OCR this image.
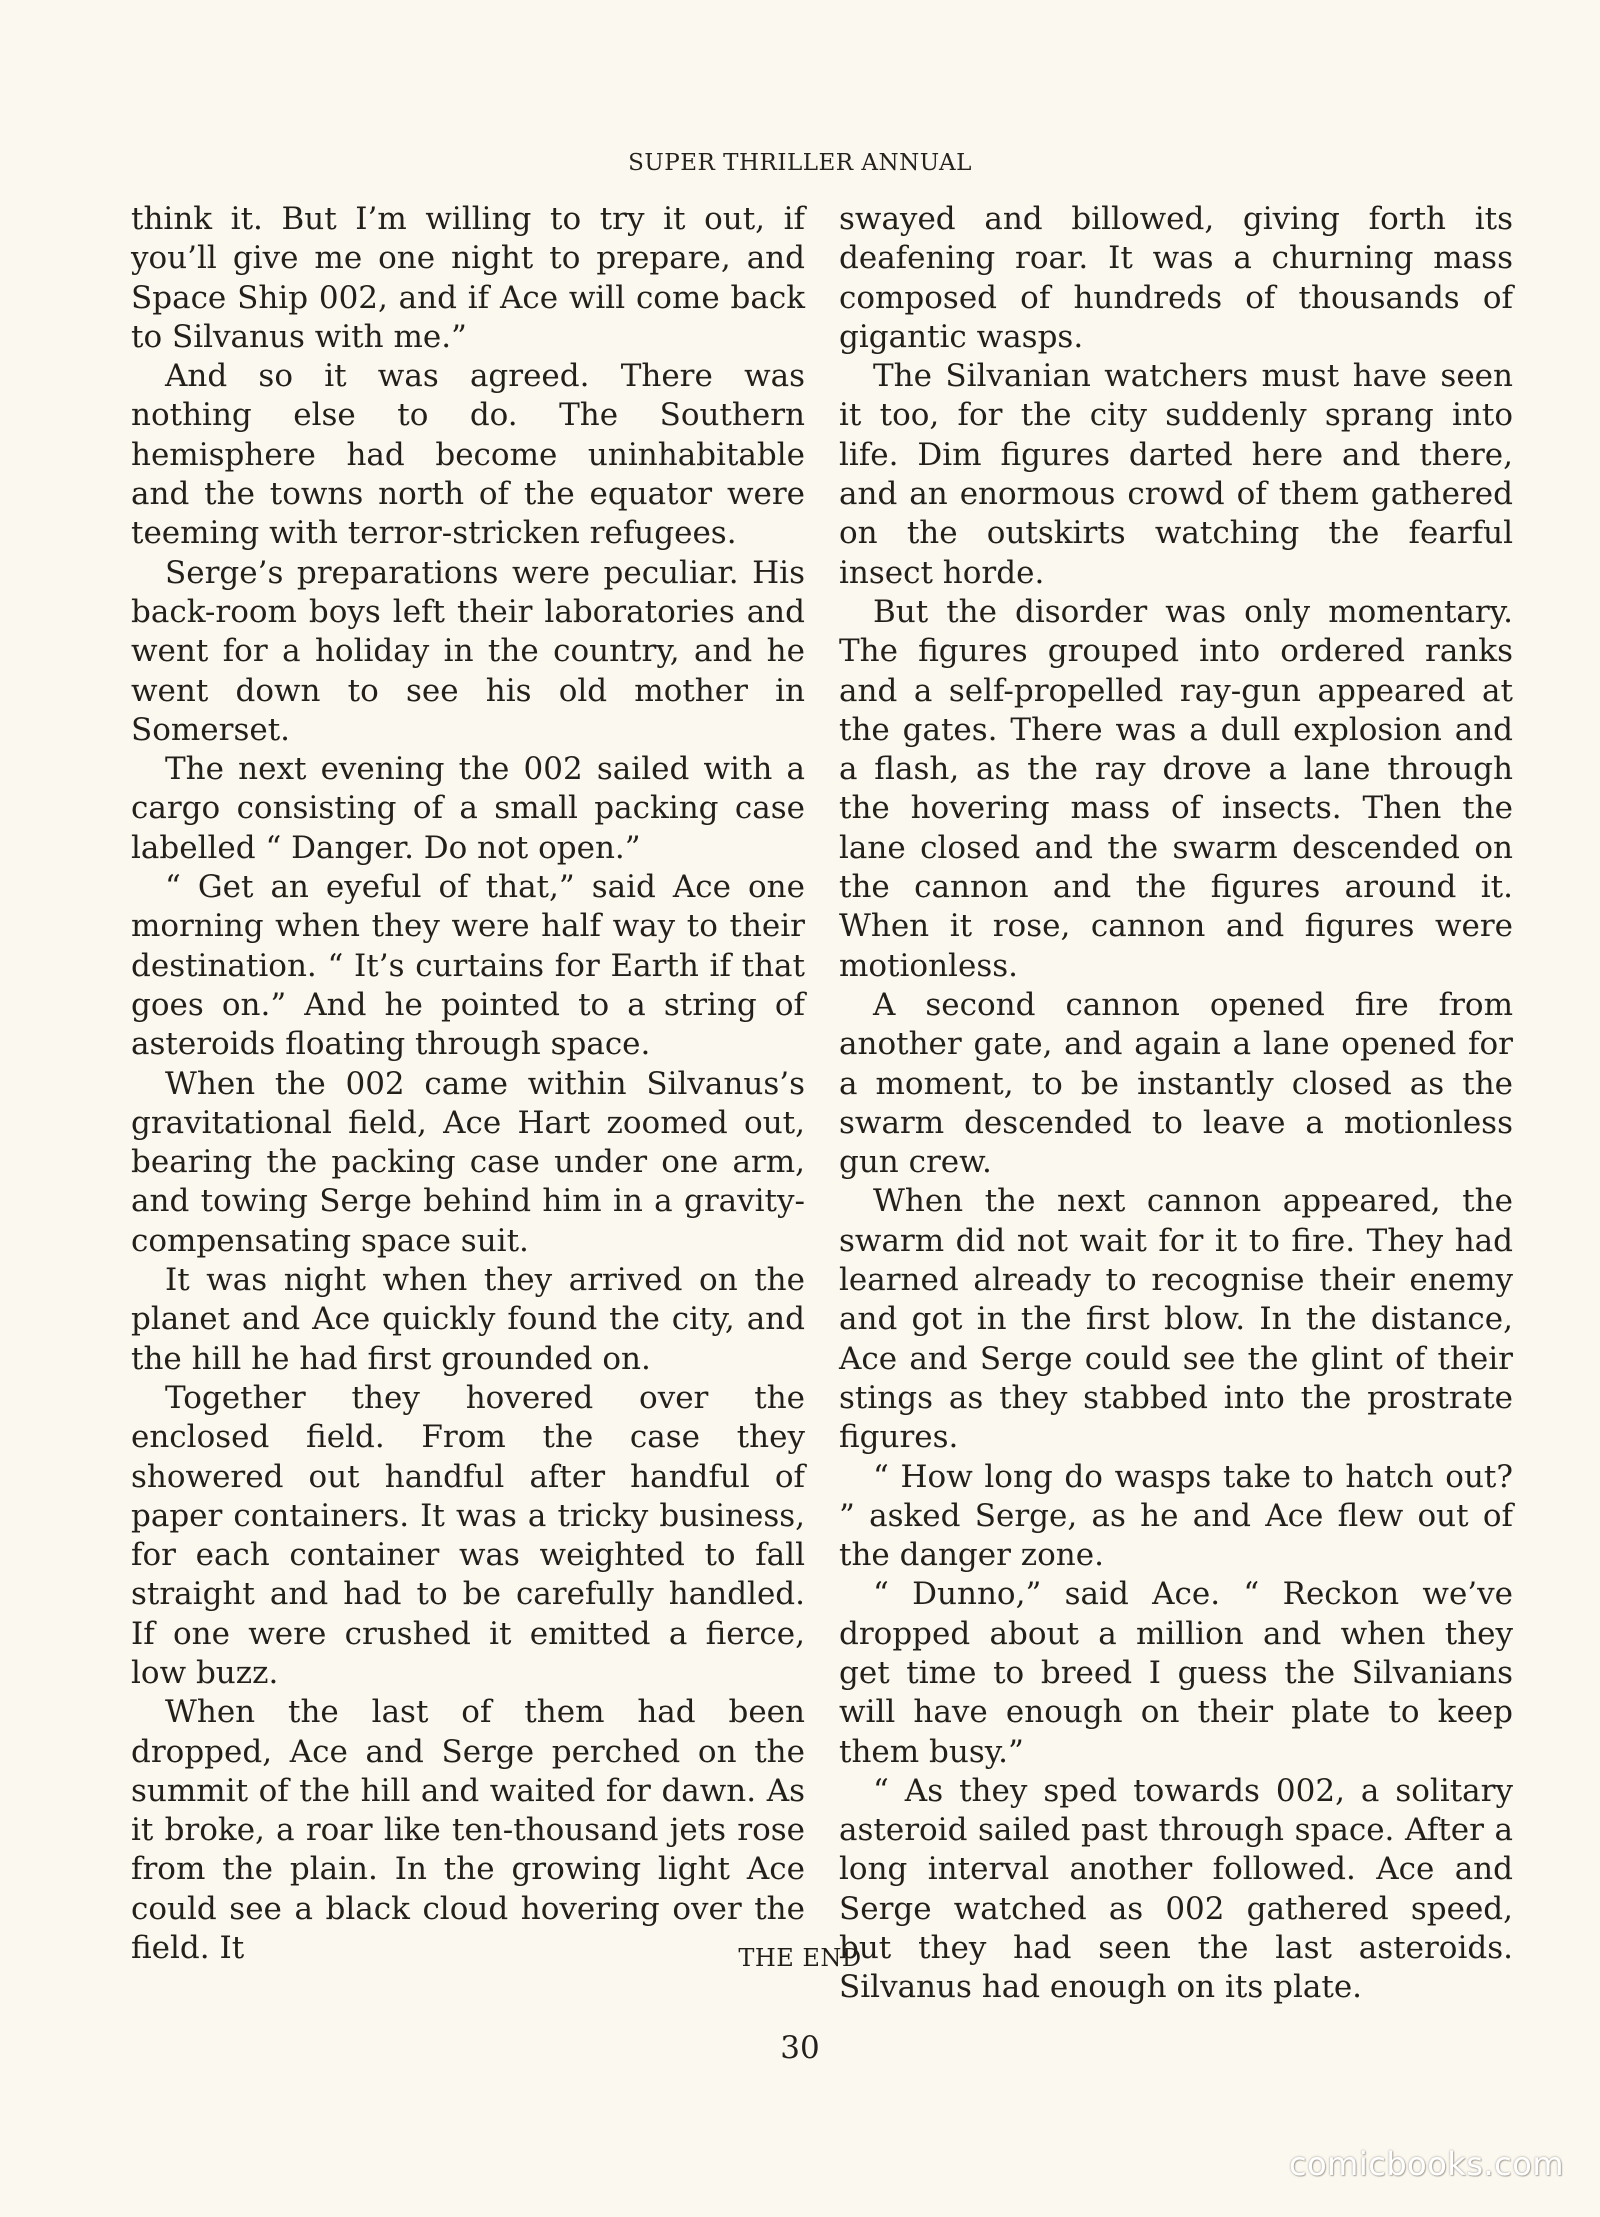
SUPER THRILLER ANNUAL

think it. But I’m willing to try it out, if you’ll give me one night to prepare, and Space Ship 002, and if Ace will come back to Silvanus with me.”

And so it was agreed. There was nothing else to do. The Southern hemisphere had become uninhabitable and the towns north of the equator were teeming with terror-stricken refugees.

Serge’s preparations were peculiar. His back-room boys left their laboratories and went for a holiday in the country, and he went down to see his old mother in Somerset.

The next evening the 002 sailed with a cargo consisting of a small packing case labelled “ Danger. Do not open.”

“ Get an eyeful of that,” said Ace one morning when they were half way to their destination. “ It’s curtains for Earth if that goes on.” And he pointed to a string of asteroids floating through space.

When the 002 came within Silvanus’s gravitational field, Ace Hart zoomed out, bearing the packing case under one arm, and towing Serge behind him in a gravity-compensating space suit.

It was night when they arrived on the planet and Ace quickly found the city, and the hill he had first grounded on.

Together they hovered over the enclosed field. From the case they showered out handful after handful of paper containers. It was a tricky business, for each container was weighted to fall straight and had to be carefully handled. If one were crushed it emitted a fierce, low buzz.

When the last of them had been dropped, Ace and Serge perched on the summit of the hill and waited for dawn. As it broke, a roar like ten-thousand jets rose from the plain. In the growing light Ace could see a black cloud hovering over the field. It

swayed and billowed, giving forth its deafening roar. It was a churning mass composed of hundreds of thousands of gigantic wasps.

The Silvanian watchers must have seen it too, for the city suddenly sprang into life. Dim figures darted here and there, and an enormous crowd of them gathered on the outskirts watching the fearful insect horde.

But the disorder was only momentary. The figures grouped into ordered ranks and a self-propelled ray-gun appeared at the gates. There was a dull explosion and a flash, as the ray drove a lane through the hovering mass of insects. Then the lane closed and the swarm descended on the cannon and the figures around it. When it rose, cannon and figures were motionless.

A second cannon opened fire from another gate, and again a lane opened for a moment, to be instantly closed as the swarm descended to leave a motionless gun crew.

When the next cannon appeared, the swarm did not wait for it to fire. They had learned already to recognise their enemy and got in the first blow. In the distance, Ace and Serge could see the glint of their stings as they stabbed into the prostrate figures.

“ How long do wasps take to hatch out? ” asked Serge, as he and Ace flew out of the danger zone.

“ Dunno,” said Ace. “ Reckon we’ve dropped about a million and when they get time to breed I guess the Silvanians will have enough on their plate to keep them busy.”

“ As they sped towards 002, a solitary asteroid sailed past through space. After a long interval another followed. Ace and Serge watched as 002 gathered speed, but they had seen the last asteroids. Silvanus had enough on its plate.

THE END
30
comicbooks.com
